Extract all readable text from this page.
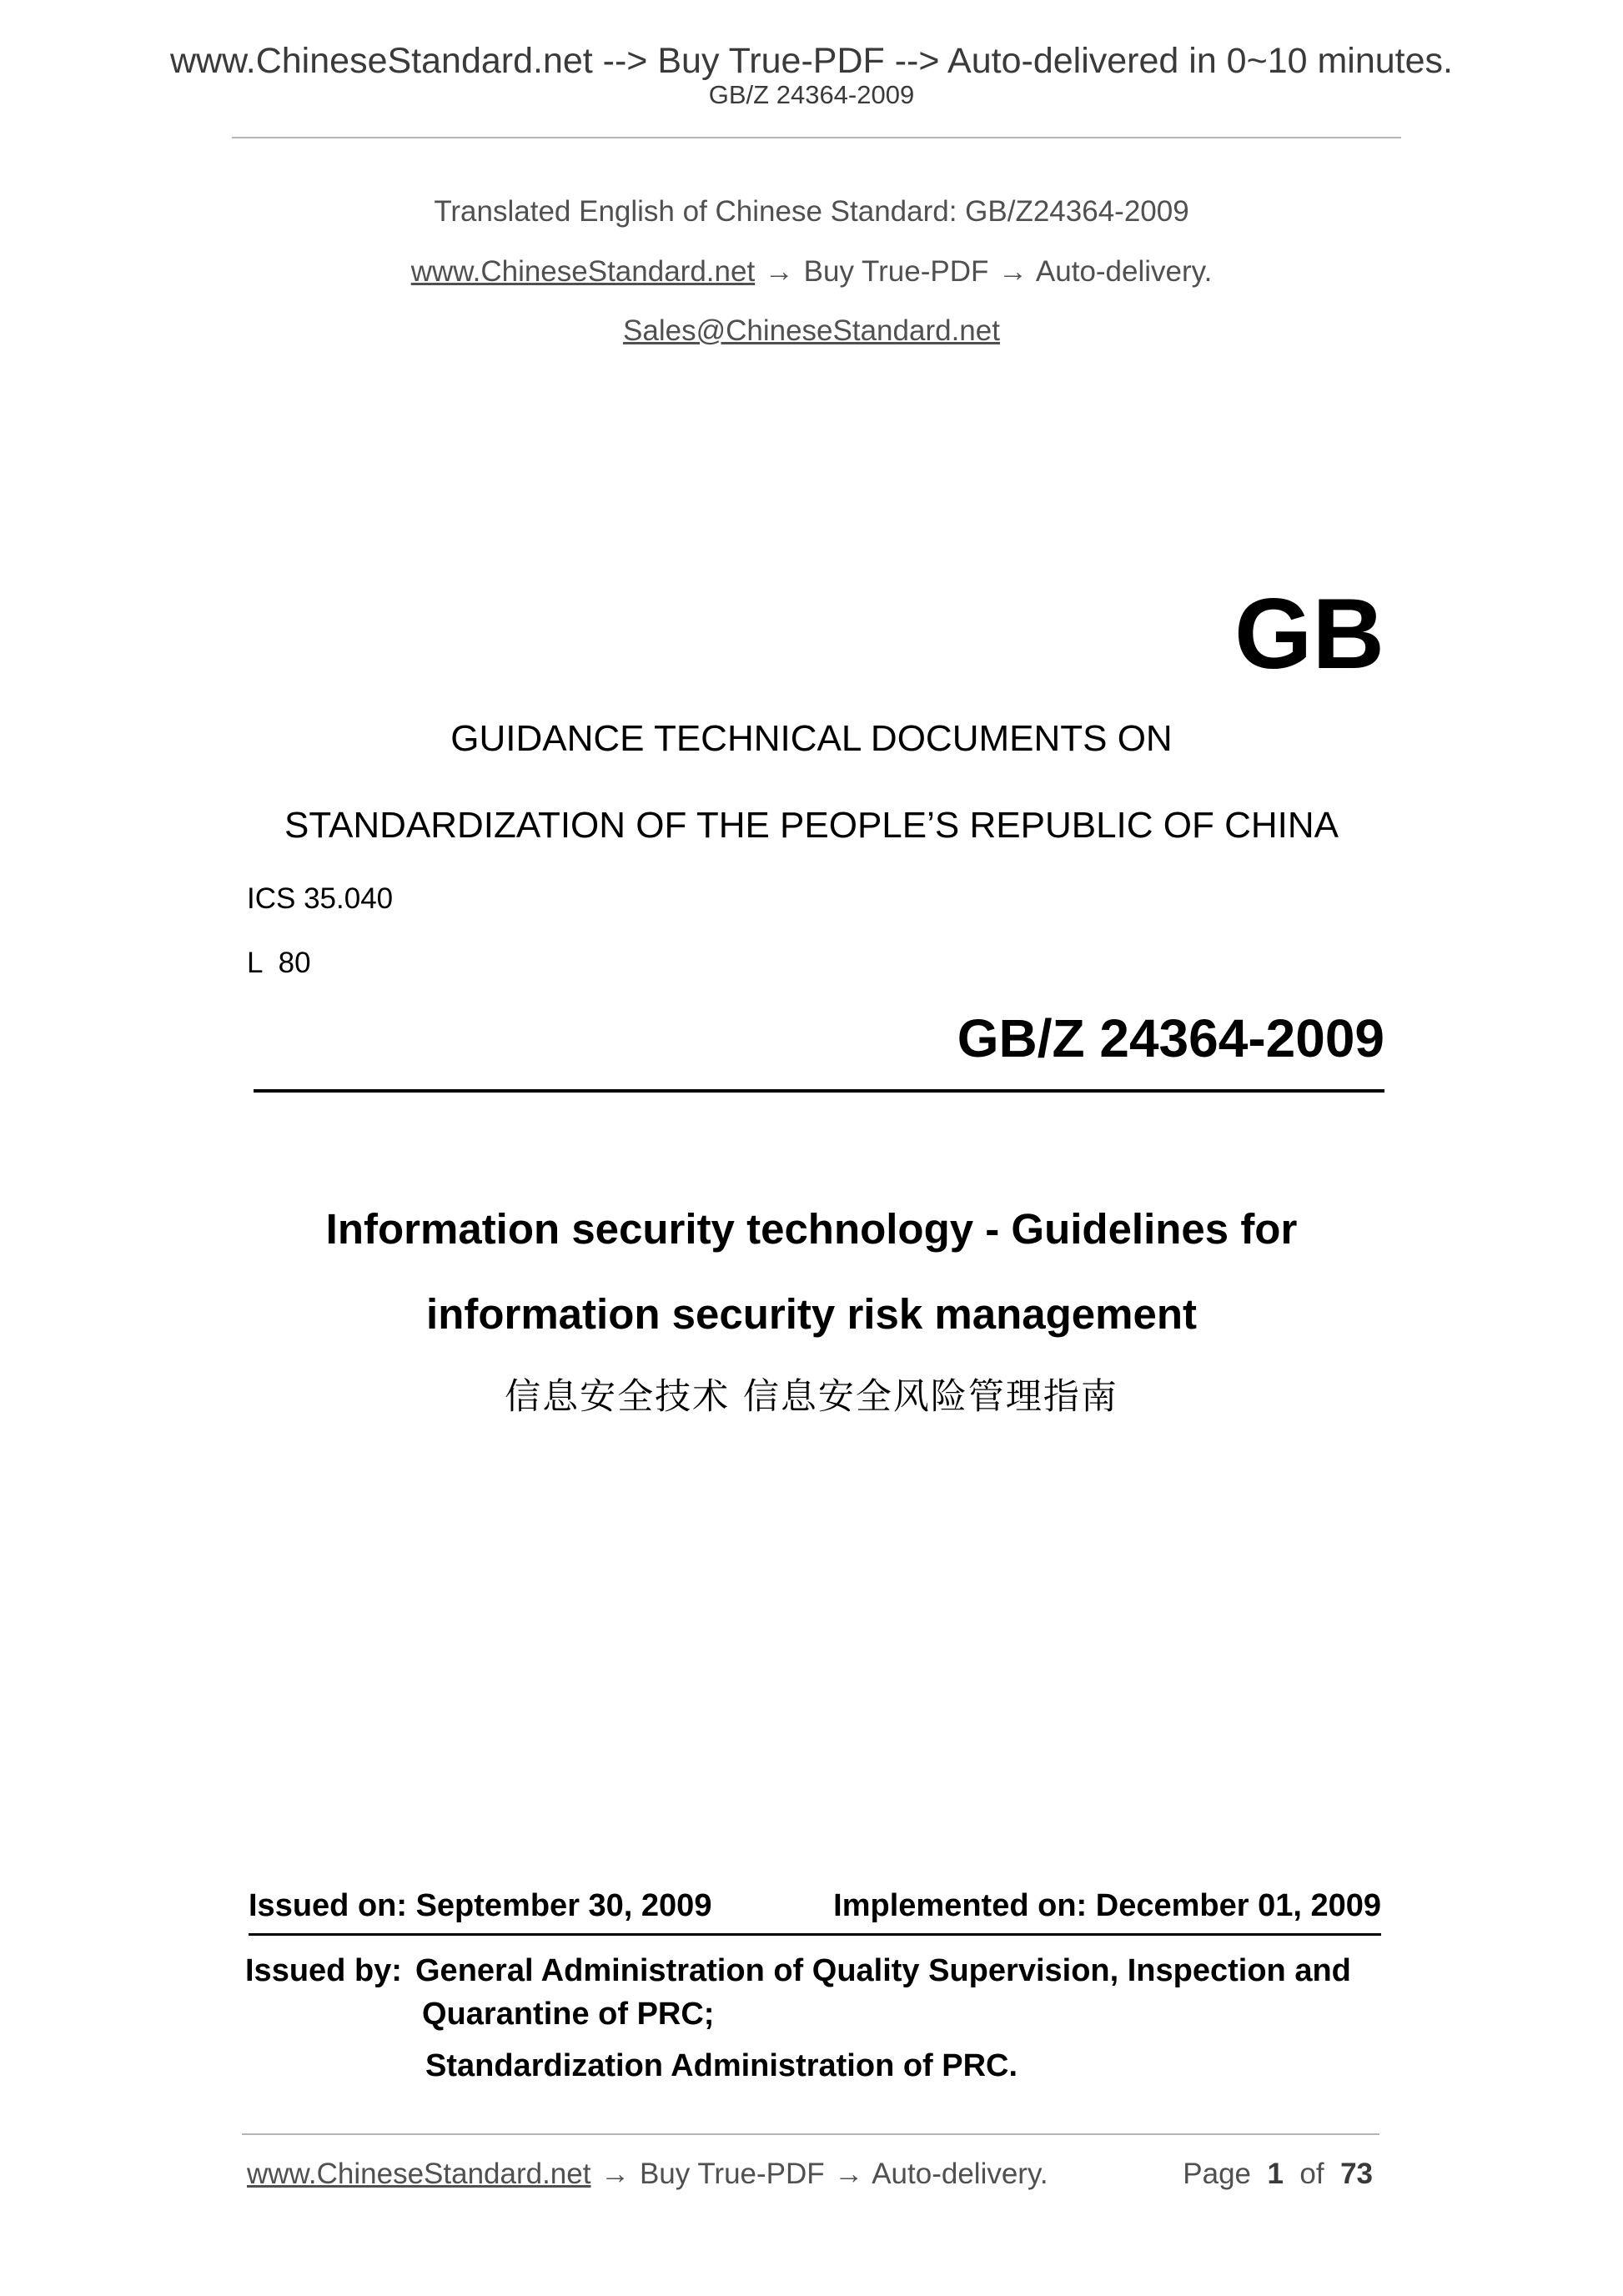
www.ChineseStandard.net --> Buy True-PDF --> Auto-delivered in 0~10 minutes.
GB/Z 24364-2009
Translated English of Chinese Standard: GB/Z24364-2009
www.ChineseStandard.net → Buy True-PDF → Auto-delivery.
Sales@ChineseStandard.net
GB
GUIDANCE TECHNICAL DOCUMENTS ON
STANDARDIZATION OF THE PEOPLE’S REPUBLIC OF CHINA
ICS 35.040
L  80
GB/Z 24364-2009
Information security technology - Guidelines for
information security risk management
信息安全技术 信息安全风险管理指南
Issued on: September 30, 2009	Implemented on: December 01, 2009
Issued by: General Administration of Quality Supervision, Inspection and
Quarantine of PRC;
Standardization Administration of PRC.
www.ChineseStandard.net → Buy True-PDF → Auto-delivery.	Page 1 of 73
